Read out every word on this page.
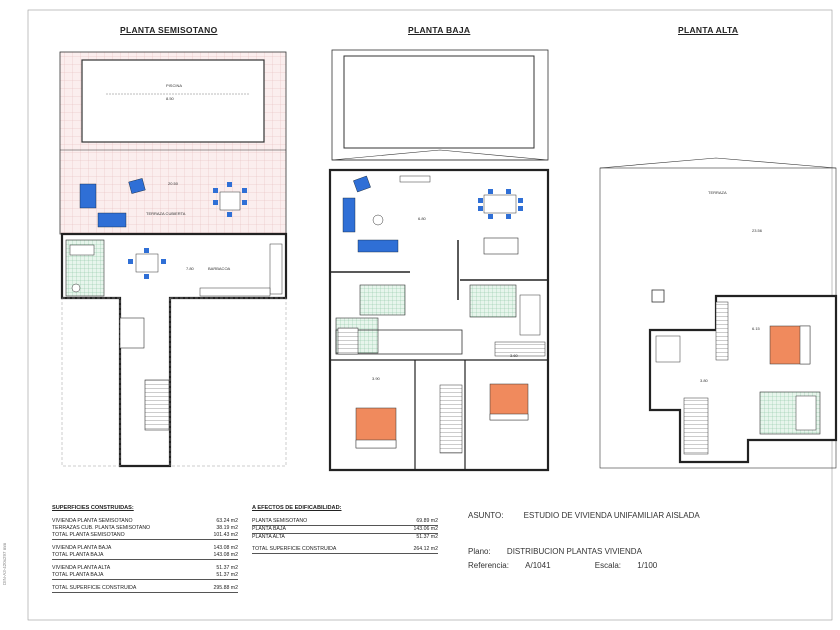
PLANTA SEMISOTANO	PLANTA BAJA	PLANTA ALTA
PISCINA
8.50
TERRAZA CUBIERTA
20.50
BARBACOA
7.80
6.80
3.90
3.60
TERRAZA
23.56
6.15
3.80
SUPERFICIES CONSTRUIDAS:
VIVIENDA PLANTA SEMISOTANO	63.24 m2
TERRAZAS CUB. PLANTA SEMISOTANO	38.19 m2
TOTAL PLANTA SEMISOTANO	101.43 m2
VIVIENDA PLANTA BAJA	143.08 m2
TOTAL PLANTA BAJA	143.08 m2
VIVIENDA PLANTA ALTA	51.37 m2
TOTAL PLANTA BAJA	51.37 m2
TOTAL SUPERFICIE CONSTRUIDA	295.88 m2
A EFECTOS DE EDIFICABILIDAD:
PLANTA SEMISOTANO	69.89 m2
PLANTA BAJA	143.06 m2
PLANTA ALTA	51.37 m2
TOTAL SUPERFICIE CONSTRUIDA	264.12 m2
ASUNTO:	ESTUDIO DE VIVIENDA UNIFAMILIAR AISLADA
Plano: DISTRIBUCION PLANTAS VIVIENDA
Referencia: A/1041	Escala: 1/100
DIN-A3-420x297 mm
